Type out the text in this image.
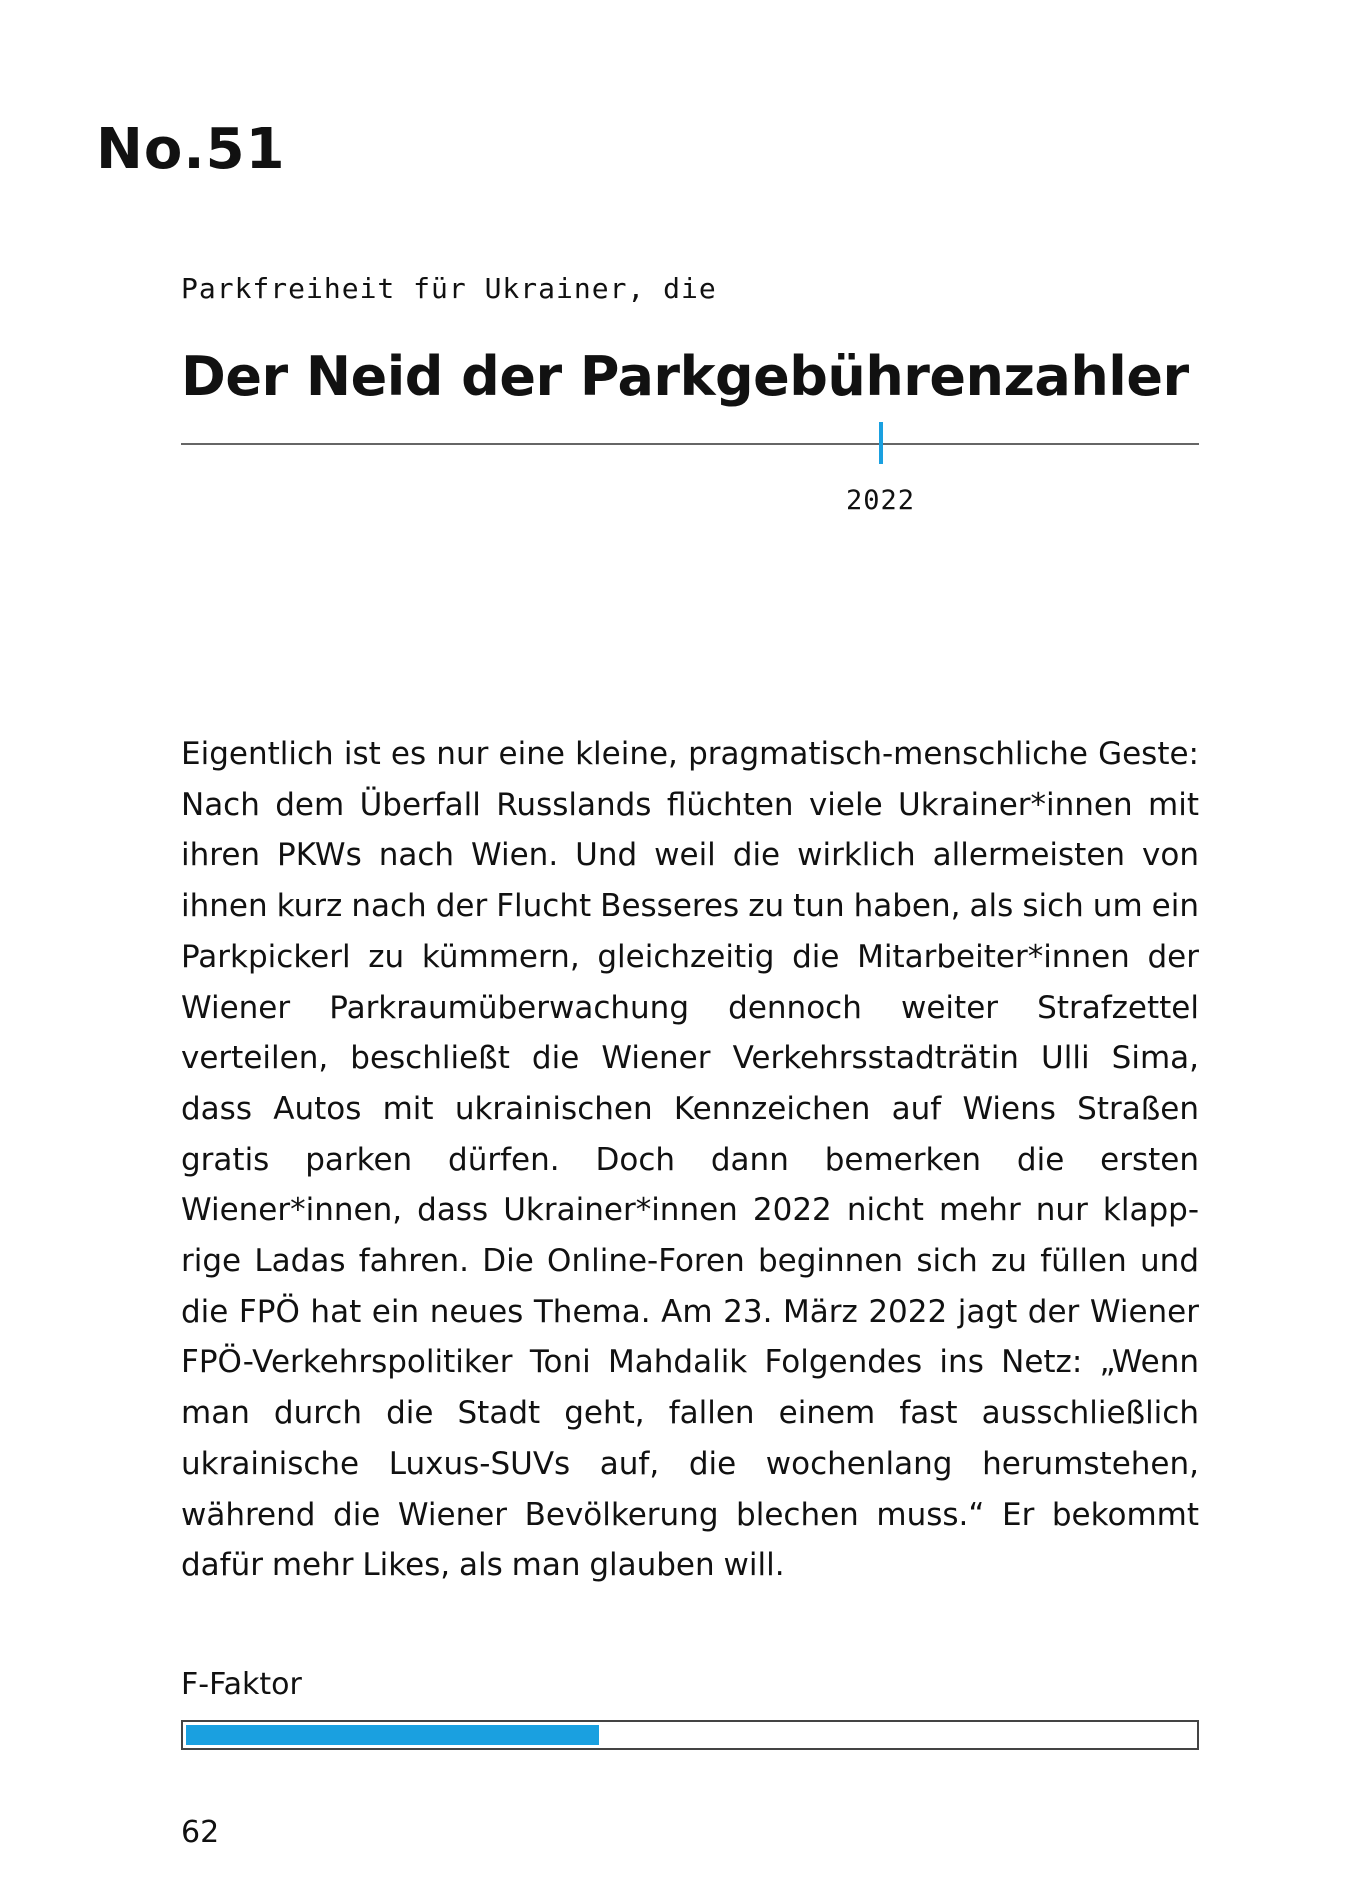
No.51
Parkfreiheit für Ukrainer, die
Der Neid der Parkgebührenzahler
2022

Eigentlich ist es nur eine kleine, pragmatisch-menschliche Geste: Nach dem Überfall Russlands flüchten viele Ukrainer*innen mit ihren PKWs nach Wien. Und weil die wirklich allermeisten von ihnen kurz nach der Flucht Besseres zu tun haben, als sich um ein Parkpickerl zu kümmern, gleichzeitig die Mitarbeiter*innen der Wiener Parkraumüberwachung dennoch weiter Strafzettel verteilen, beschließt die Wiener Verkehrsstadträtin Ulli Sima, dass Autos mit ukrainischen Kennzeichen auf Wiens Straßen gratis parken dürfen. Doch dann bemerken die ersten Wiener*innen, dass Ukrainer*innen 2022 nicht mehr nur klapprige Ladas fahren. Die Online-Foren beginnen sich zu füllen und die FPÖ hat ein neues Thema. Am 23. März 2022 jagt der Wiener FPÖ-Verkehrspolitiker Toni Mahdalik Folgendes ins Netz: „Wenn man durch die Stadt geht, fallen einem fast ausschließlich ukrainische Luxus-SUVs auf, die wochenlang herumstehen, während die Wiener Bevölkerung blechen muss.“ Er bekommt dafür mehr Likes, als man glauben will.

F-Faktor
62
